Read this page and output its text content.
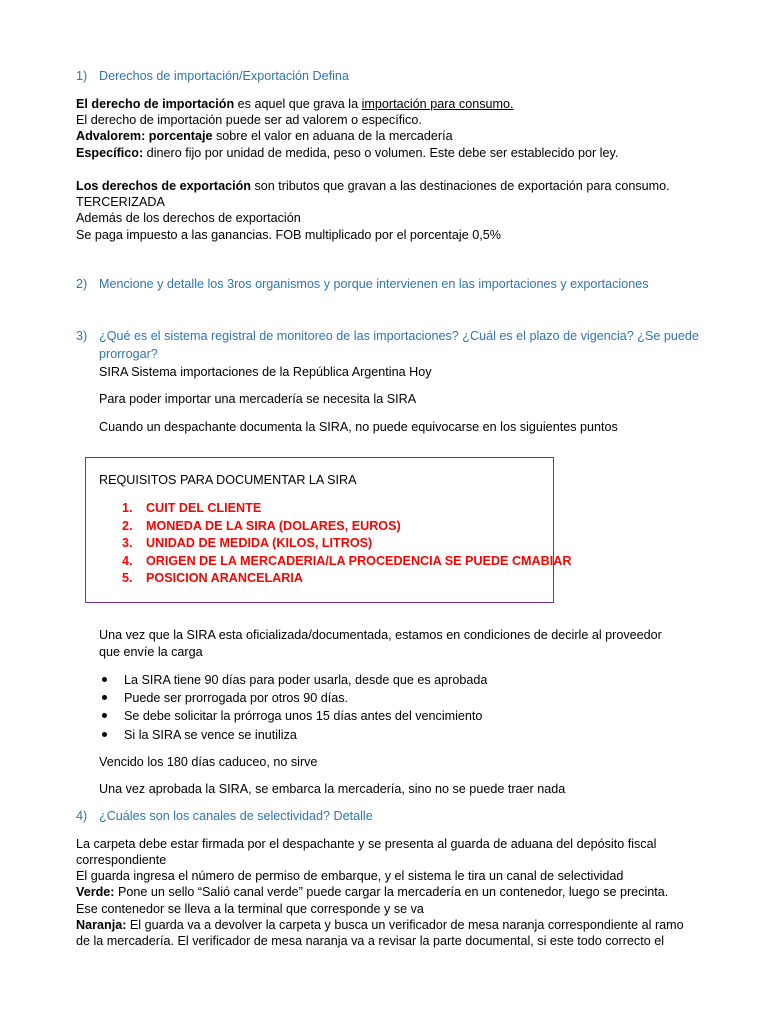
1) Derechos de importación/Exportación Defina
El derecho de importación es aquel que grava la importación para consumo.
El derecho de importación puede ser ad valorem o específico.
Advalorem: porcentaje sobre el valor en aduana de la mercadería
Específico: dinero fijo por unidad de medida, peso o volumen. Este debe ser establecido por ley.
Los derechos de exportación son tributos que gravan a las destinaciones de exportación para consumo.
TERCERIZADA
Además de los derechos de exportación
Se paga impuesto a las ganancias. FOB multiplicado por el porcentaje 0,5%
2) Mencione y detalle los 3ros organismos y porque intervienen en las importaciones y exportaciones
3) ¿Qué es el sistema registral de monitoreo de las importaciones? ¿Cuál es el plazo de vigencia? ¿Se puede
prorrogar?
SIRA Sistema importaciones de la República Argentina Hoy
Para poder importar una mercadería se necesita la SIRA
Cuando un despachante documenta la SIRA, no puede equivocarse en los siguientes puntos
REQUISITOS PARA DOCUMENTAR LA SIRA
1. CUIT DEL CLIENTE
2. MONEDA DE LA SIRA (DOLARES, EUROS)
3. UNIDAD DE MEDIDA (KILOS, LITROS)
4. ORIGEN DE LA MERCADERIA/LA PROCEDENCIA SE PUEDE CMABIAR
5. POSICION ARANCELARIA
Una vez que la SIRA esta oficializada/documentada, estamos en condiciones de decirle al proveedor
que envíe la carga
La SIRA tiene 90 días para poder usarla, desde que es aprobada
Puede ser prorrogada por otros 90 días.
Se debe solicitar la prórroga unos 15 días antes del vencimiento
Si la SIRA se vence se inutiliza
Vencido los 180 días caduceo, no sirve
Una vez aprobada la SIRA, se embarca la mercadería, sino no se puede traer nada
4) ¿Cuáles son los canales de selectividad? Detalle
La carpeta debe estar firmada por el despachante y se presenta al guarda de aduana del depósito fiscal
correspondiente
El guarda ingresa el número de permiso de embarque, y el sistema le tira un canal de selectividad
Verde: Pone un sello “Salió canal verde” puede cargar la mercadería en un contenedor, luego se precinta.
Ese contenedor se lleva a la terminal que corresponde y se va
Naranja: El guarda va a devolver la carpeta y busca un verificador de mesa naranja correspondiente al ramo
de la mercadería. El verificador de mesa naranja va a revisar la parte documental, si este todo correcto el
